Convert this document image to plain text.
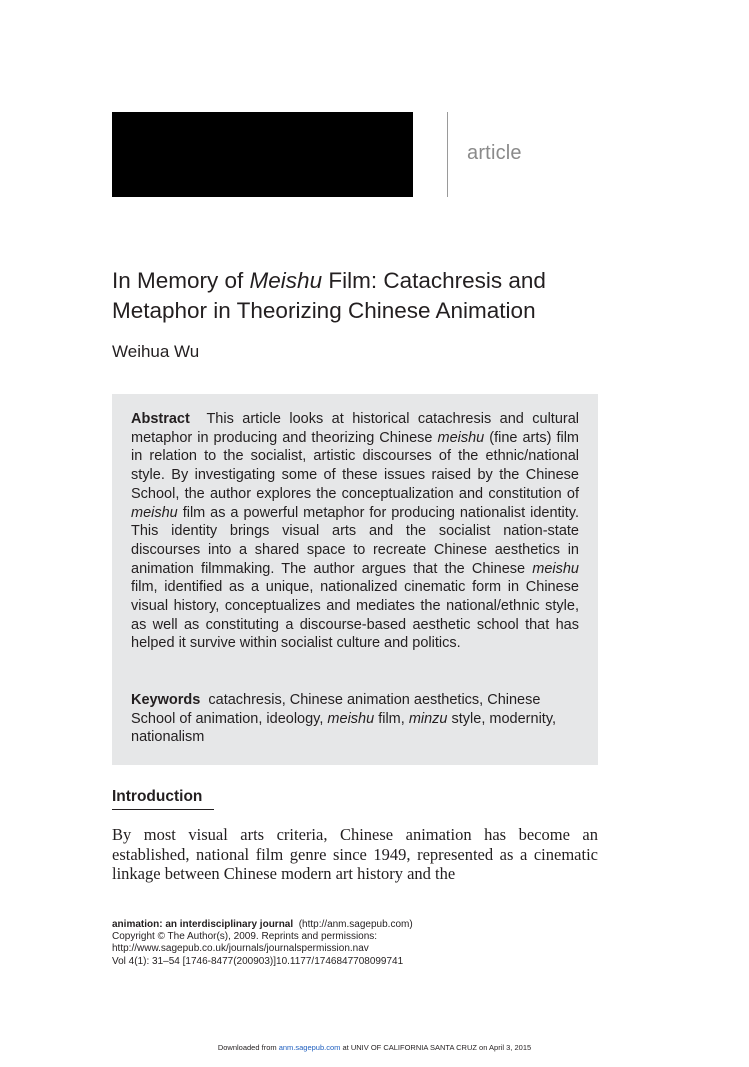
article
In Memory of Meishu Film: Catachresis and Metaphor in Theorizing Chinese Animation
Weihua Wu

Abstract This article looks at historical catachresis and cultural metaphor in producing and theorizing Chinese meishu (fine arts) film in relation to the socialist, artistic discourses of the ethnic/national style. By investigating some of these issues raised by the Chinese School, the author explores the conceptualization and constitution of meishu film as a powerful metaphor for producing nationalist identity. This identity brings visual arts and the socialist nation-state discourses into a shared space to recreate Chinese aesthetics in animation filmmaking. The author argues that the Chinese meishu film, identified as a unique, nationalized cinematic form in Chinese visual history, conceptualizes and mediates the national/ethnic style, as well as constituting a discourse-based aesthetic school that has helped it survive within socialist culture and politics.

Keywords catachresis, Chinese animation aesthetics, Chinese School of animation, ideology, meishu film, minzu style, modernity, nationalism

Introduction

By most visual arts criteria, Chinese animation has become an established, national film genre since 1949, represented as a cinematic linkage between Chinese modern art history and the

animation: an interdisciplinary journal (http://anm.sagepub.com)
Copyright © The Author(s), 2009. Reprints and permissions:
http://www.sagepub.co.uk/journals/journalspermission.nav
Vol 4(1): 31–54 [1746-8477(200903)]10.1177/1746847708099741
Downloaded from anm.sagepub.com at UNIV OF CALIFORNIA SANTA CRUZ on April 3, 2015
